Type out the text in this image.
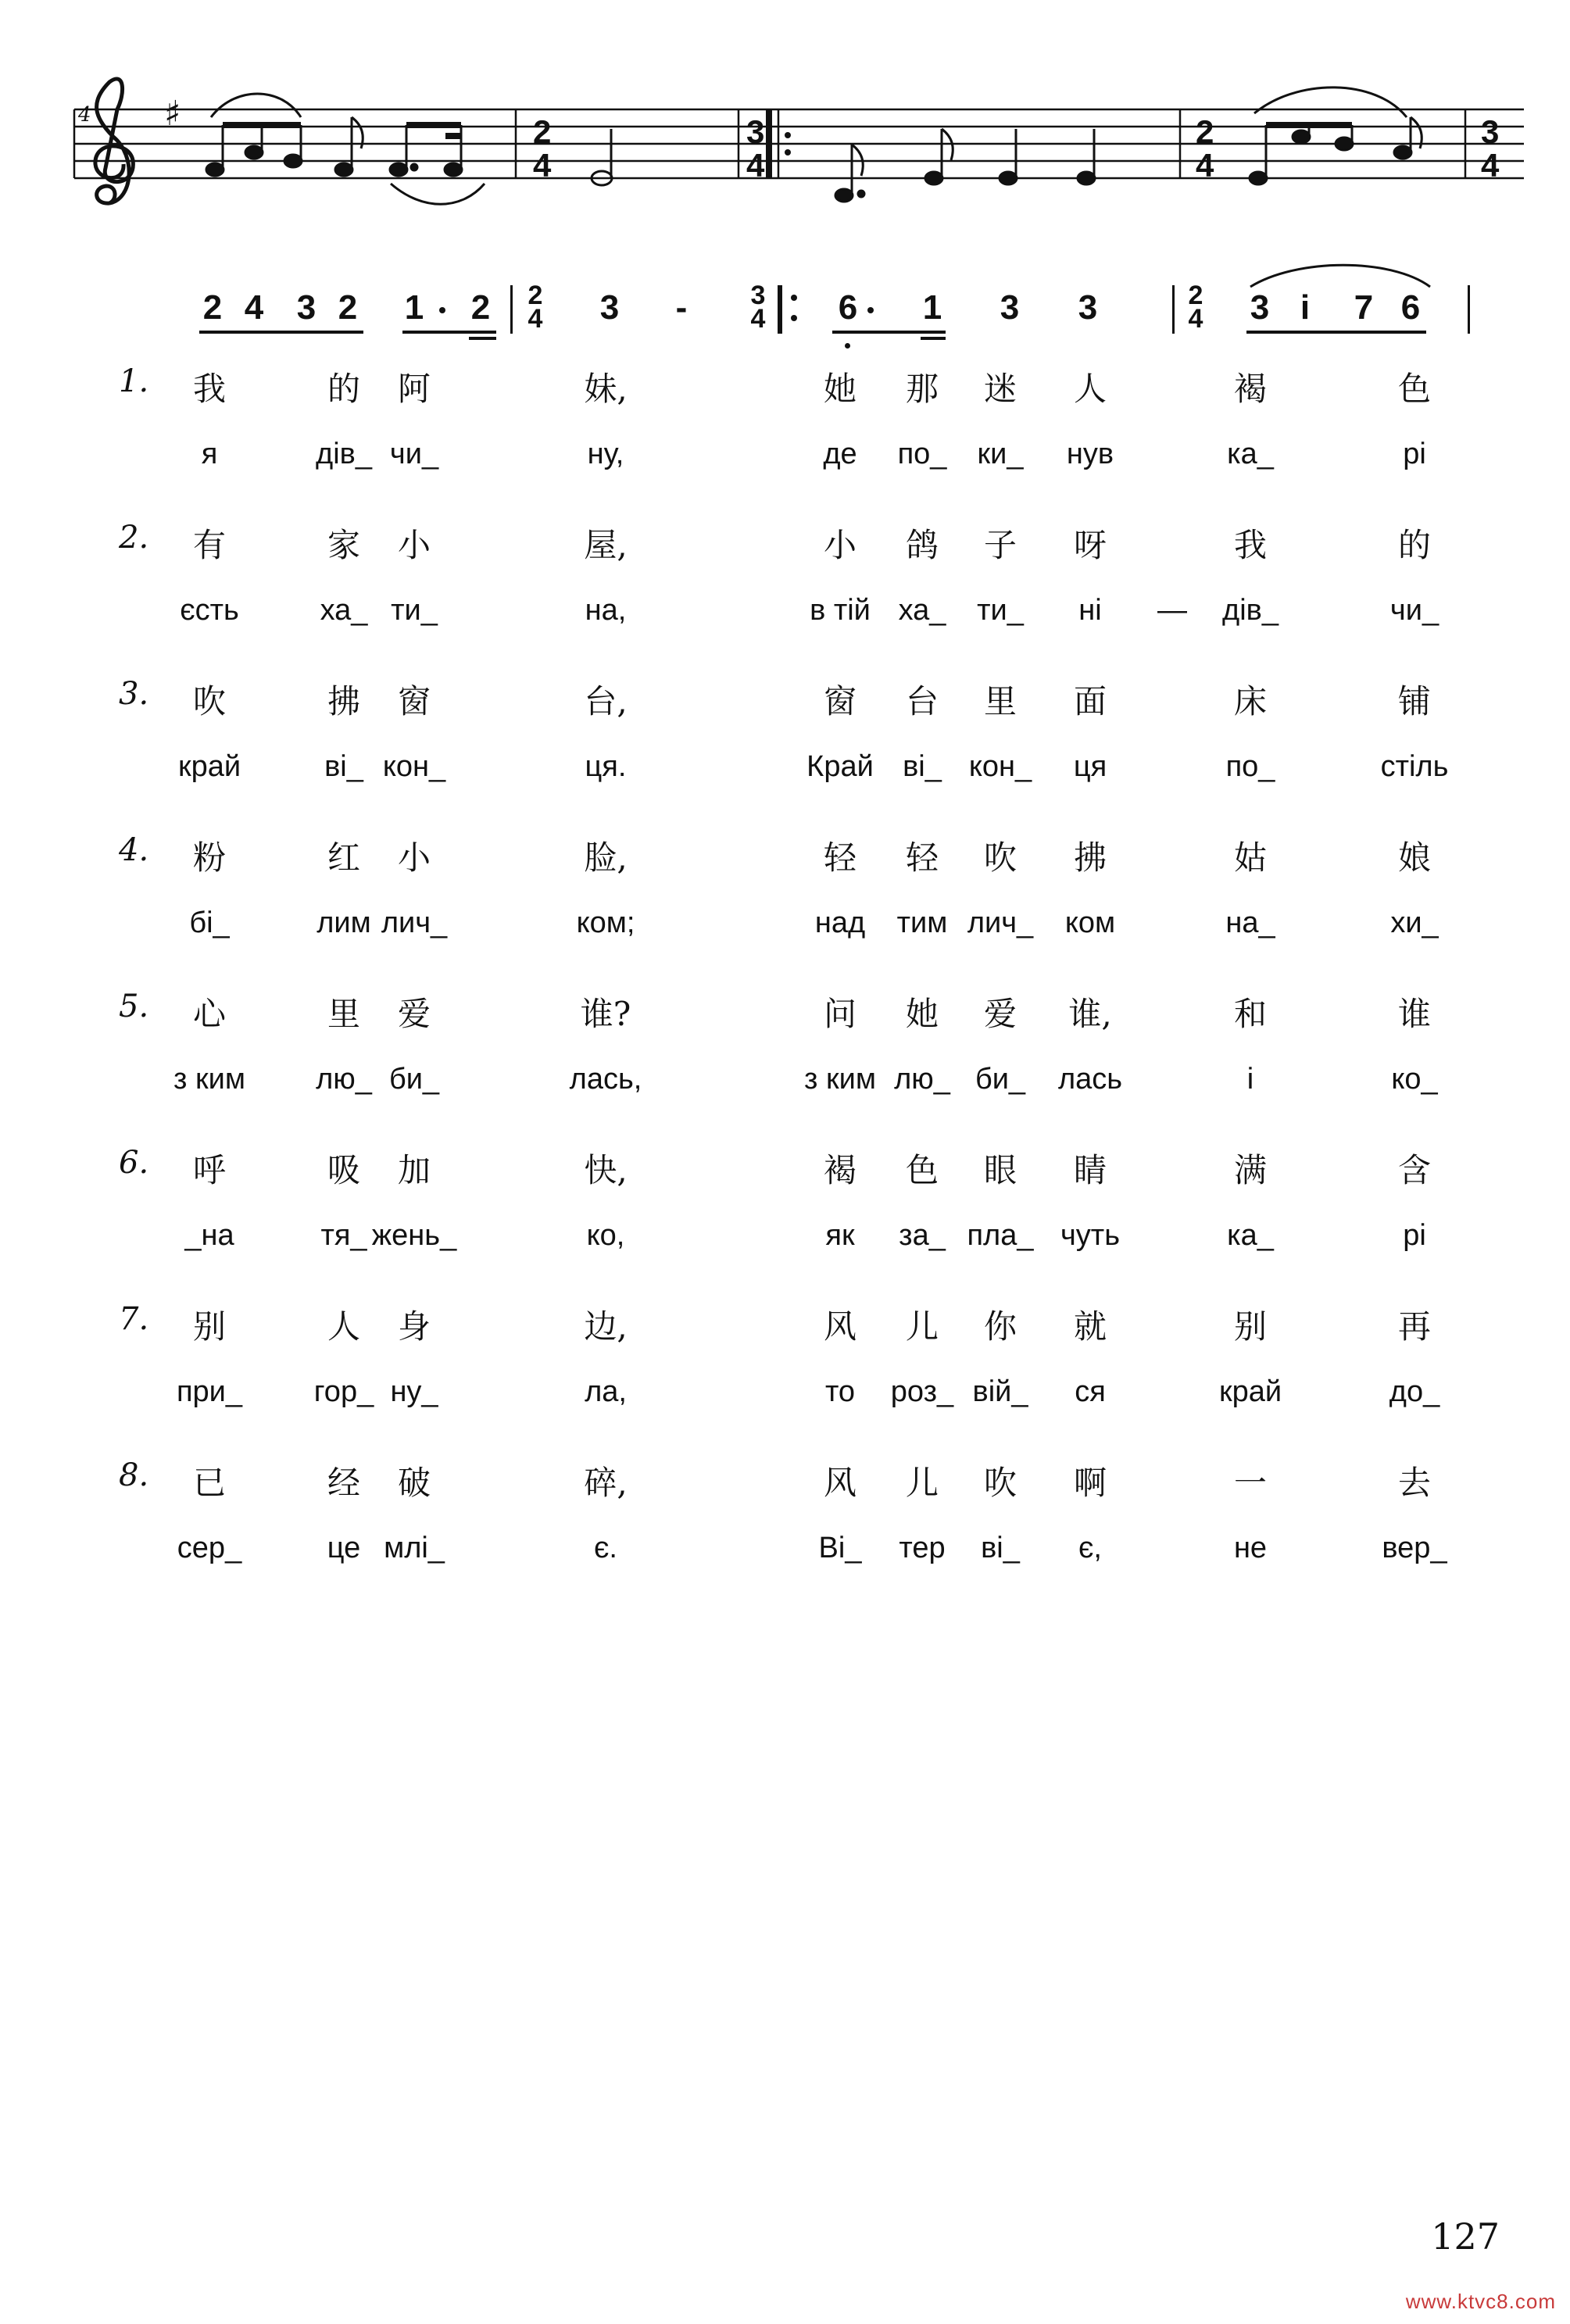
♯	2
4
3
4
2
4
3
4
4
2 4 3 2 1 2 2
4 3 - 3
4 6 1 3 3	2
4 3 i 7 6
1. 我	的 阿	妹,	她 那 迷 人	褐	色
я	дів_ чи_	ну,	де по_ ки_ нув	ка_	рі
2. 有	家 小	屋,	小 鸽 子 呀	我	的
єсть	ха_ ти_	на,	в тій ха_ ти_ ні — дів_	чи_
3. 吹	拂 窗	台,	窗 台 里 面	床	铺
край	ві_ кон_	ця.	Край ві_ кон_ ця	по_	стіль
4. 粉	红 小	脸,	轻 轻 吹 拂	姑	娘
бі_	лим лич_	ком;	над тим лич_ ком	на_	хи_
5. 心	里 爱	谁?	问 她 爱 谁,	和	谁
з ким лю_ би_	лась,	з ким лю_ би_ лась	і	ко_
6. 呼	吸 加	快,	褐 色 眼 睛	满	含
_на	тя_ жень_	ко,	як за_ пла_ чуть	ка_	рі
7. 别	人 身	边,	风 儿 你 就	别	再
при_ гор_ ну_	ла,	то роз_ вій_ ся	край	до_
8. 已	经 破	碎,	风 儿 吹 啊	一	去
сер_	це млі_	є.	Ві_ тер ві_ є,	не	вер_
127
www.ktvc8.com
